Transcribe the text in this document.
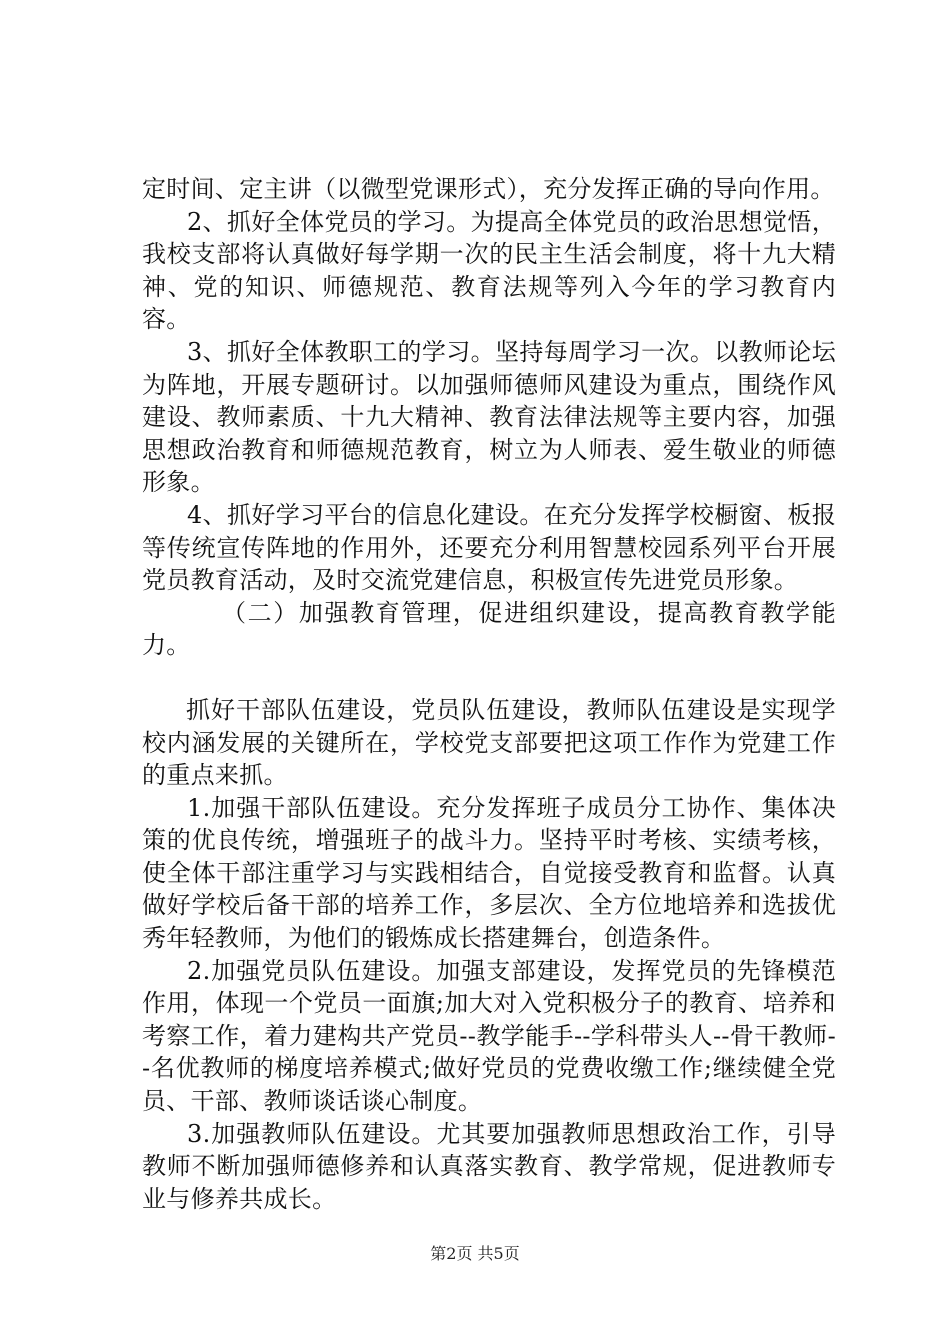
定时间、定主讲（以微型党课形式），充分发挥正确的导向作用。

2、抓好全体党员的学习。为提高全体党员的政治思想觉悟，我校支部将认真做好每学期一次的民主生活会制度，将十九大精神、党的知识、师德规范、教育法规等列入今年的学习教育内容。

3、抓好全体教职工的学习。坚持每周学习一次。以教师论坛为阵地，开展专题研讨。以加强师德师风建设为重点，围绕作风建设、教师素质、十九大精神、教育法律法规等主要内容，加强思想政治教育和师德规范教育，树立为人师表、爱生敬业的师德形象。

4、抓好学习平台的信息化建设。在充分发挥学校橱窗、板报等传统宣传阵地的作用外，还要充分利用智慧校园系列平台开展党员教育活动，及时交流党建信息，积极宣传先进党员形象。

（二）加强教育管理，促进组织建设，提高教育教学能力。

抓好干部队伍建设，党员队伍建设，教师队伍建设是实现学校内涵发展的关键所在，学校党支部要把这项工作作为党建工作的重点来抓。

1.加强干部队伍建设。充分发挥班子成员分工协作、集体决策的优良传统，增强班子的战斗力。坚持平时考核、实绩考核，使全体干部注重学习与实践相结合，自觉接受教育和监督。认真做好学校后备干部的培养工作，多层次、全方位地培养和选拔优秀年轻教师，为他们的锻炼成长搭建舞台，创造条件。

2.加强党员队伍建设。加强支部建设，发挥党员的先锋模范作用，体现一个党员一面旗;加大对入党积极分子的教育、培养和考察工作，着力建构共产党员--教学能手--学科带头人--骨干教师--名优教师的梯度培养模式;做好党员的党费收缴工作;继续健全党员、干部、教师谈话谈心制度。

3.加强教师队伍建设。尤其要加强教师思想政治工作，引导教师不断加强师德修养和认真落实教育、教学常规，促进教师专业与修养共成长。

第2页 共5页
